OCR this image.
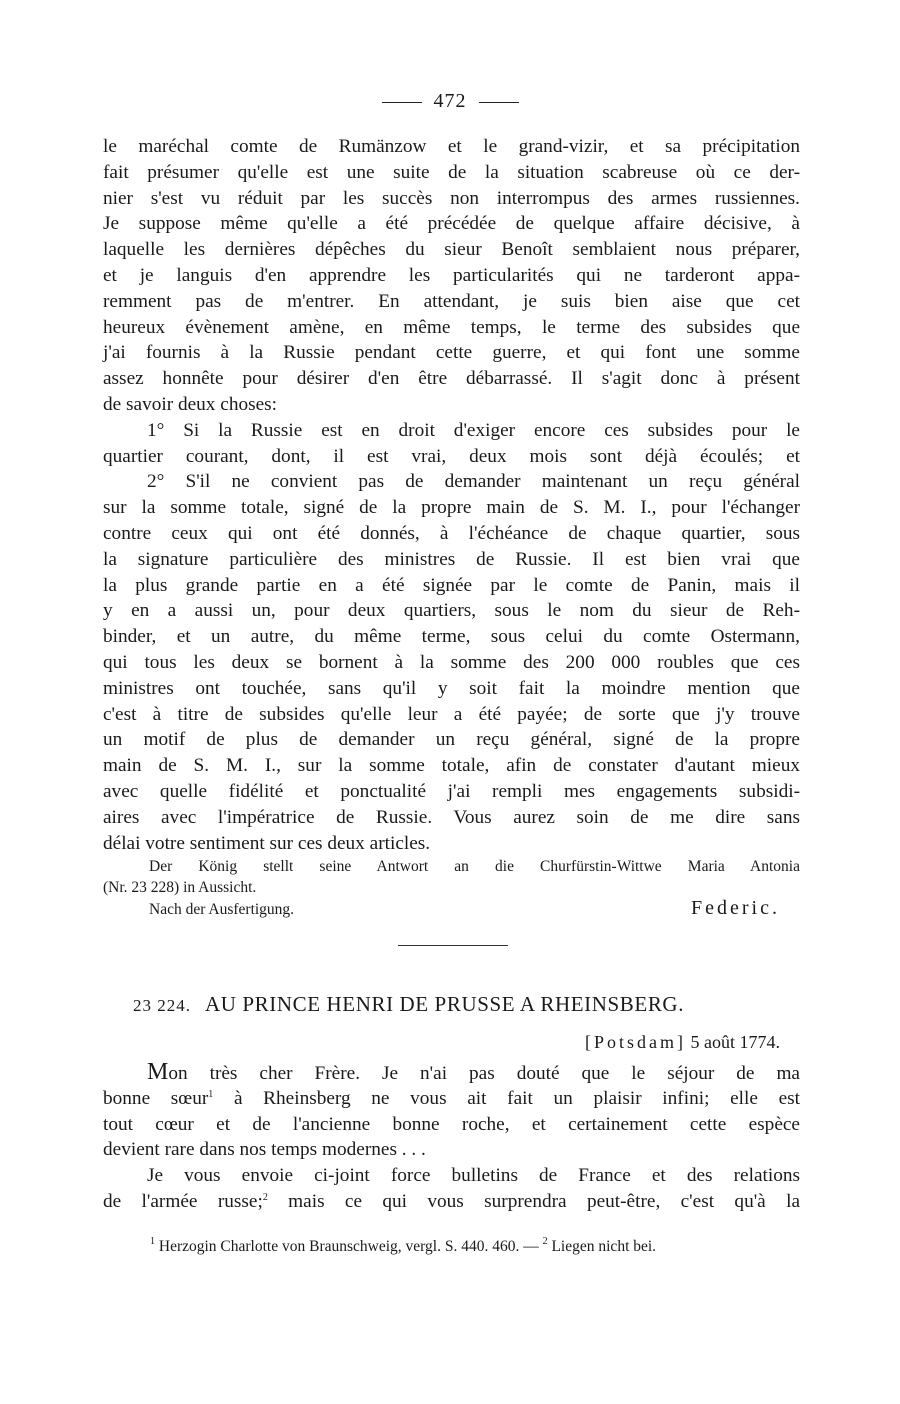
472
le maréchal comte de Rumänzow et le grand-vizir, et sa précipitation
fait présumer qu'elle est une suite de la situation scabreuse où ce der-
nier s'est vu réduit par les succès non interrompus des armes russiennes.
Je suppose même qu'elle a été précédée de quelque affaire décisive, à
laquelle les dernières dépêches du sieur Benoît semblaient nous préparer,
et je languis d'en apprendre les particularités qui ne tarderont appa-
remment pas de m'entrer. En attendant, je suis bien aise que cet
heureux évènement amène, en même temps, le terme des subsides que
j'ai fournis à la Russie pendant cette guerre, et qui font une somme
assez honnête pour désirer d'en être débarrassé. Il s'agit donc à présent
de savoir deux choses:
1° Si la Russie est en droit d'exiger encore ces subsides pour le
quartier courant, dont, il est vrai, deux mois sont déjà écoulés; et
2° S'il ne convient pas de demander maintenant un reçu général
sur la somme totale, signé de la propre main de S. M. I., pour l'échanger
contre ceux qui ont été donnés, à l'échéance de chaque quartier, sous
la signature particulière des ministres de Russie. Il est bien vrai que
la plus grande partie en a été signée par le comte de Panin, mais il
y en a aussi un, pour deux quartiers, sous le nom du sieur de Reh-
binder, et un autre, du même terme, sous celui du comte Ostermann,
qui tous les deux se bornent à la somme des 200 000 roubles que ces
ministres ont touchée, sans qu'il y soit fait la moindre mention que
c'est à titre de subsides qu'elle leur a été payée; de sorte que j'y trouve
un motif de plus de demander un reçu général, signé de la propre
main de S. M. I., sur la somme totale, afin de constater d'autant mieux
avec quelle fidélité et ponctualité j'ai rempli mes engagements subsidi-
aires avec l'impératrice de Russie. Vous aurez soin de me dire sans
délai votre sentiment sur ces deux articles.
Der König stellt seine Antwort an die Churfürstin-Wittwe Maria Antonia
(Nr. 23 228) in Aussicht.
Nach der Ausfertigung.	Federic.
23 224. AU PRINCE HENRI DE PRUSSE A RHEINSBERG.
[Potsdam] 5 août 1774.
Mon très cher Frère. Je n'ai pas douté que le séjour de ma
bonne sœur$^1$ à Rheinsberg ne vous ait fait un plaisir infini; elle est
tout cœur et de l'ancienne bonne roche, et certainement cette espèce
devient rare dans nos temps modernes . . .
Je vous envoie ci-joint force bulletins de France et des relations
de l'armée russe;$^2$ mais ce qui vous surprendra peut-être, c'est qu'à la
$^1$ Herzogin Charlotte von Braunschweig, vergl. S. 440. 460. — $^2$ Liegen nicht bei.
